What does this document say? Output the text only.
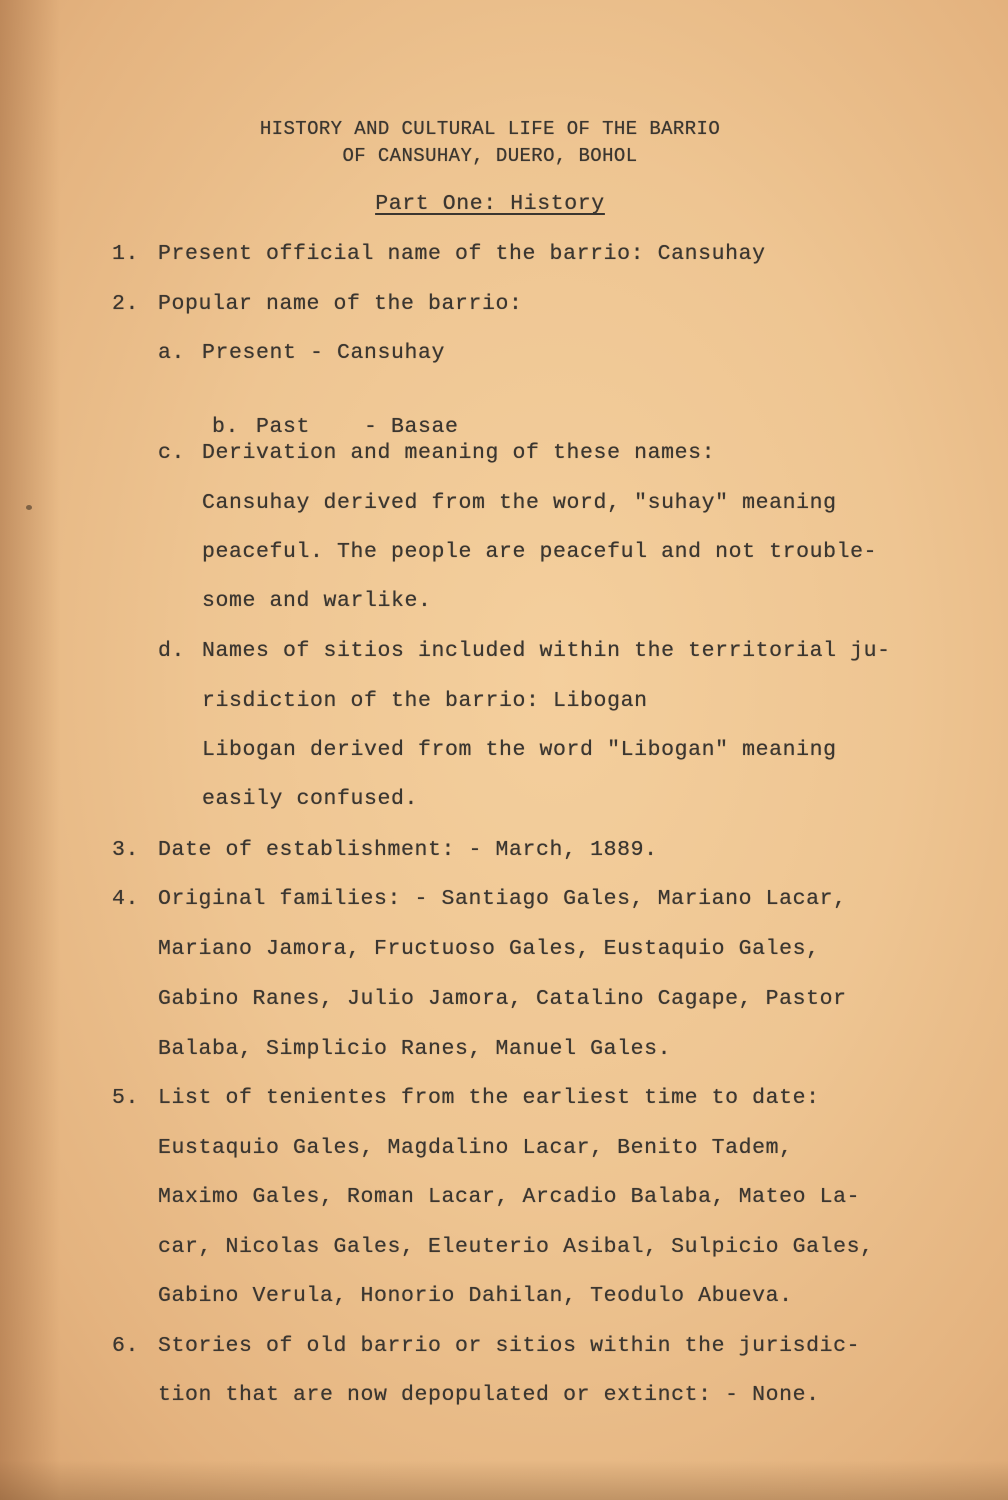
HISTORY AND CULTURAL LIFE OF THE BARRIO
OF CANSUHAY, DUERO, BOHOL
Part One: History
1. Present official name of the barrio: Cansuhay
2. Popular name of the barrio:
a. Present - Cansuhay

b. Past    - Basae

c. Derivation and meaning of these names:
Cansuhay derived from the word, "suhay" meaning
peaceful. The people are peaceful and not trouble-
some and warlike.
d. Names of sitios included within the territorial ju-
risdiction of the barrio: Libogan
Libogan derived from the word "Libogan" meaning
easily confused.
3. Date of establishment: - March, 1889.
4. Original families: - Santiago Gales, Mariano Lacar,
Mariano Jamora, Fructuoso Gales, Eustaquio Gales,
Gabino Ranes, Julio Jamora, Catalino Cagape, Pastor
Balaba, Simplicio Ranes, Manuel Gales.
5. List of tenientes from the earliest time to date:
Eustaquio Gales, Magdalino Lacar, Benito Tadem,
Maximo Gales, Roman Lacar, Arcadio Balaba, Mateo La-
car, Nicolas Gales, Eleuterio Asibal, Sulpicio Gales,
Gabino Verula, Honorio Dahilan, Teodulo Abueva.
6. Stories of old barrio or sitios within the jurisdic-
tion that are now depopulated or extinct: - None.
